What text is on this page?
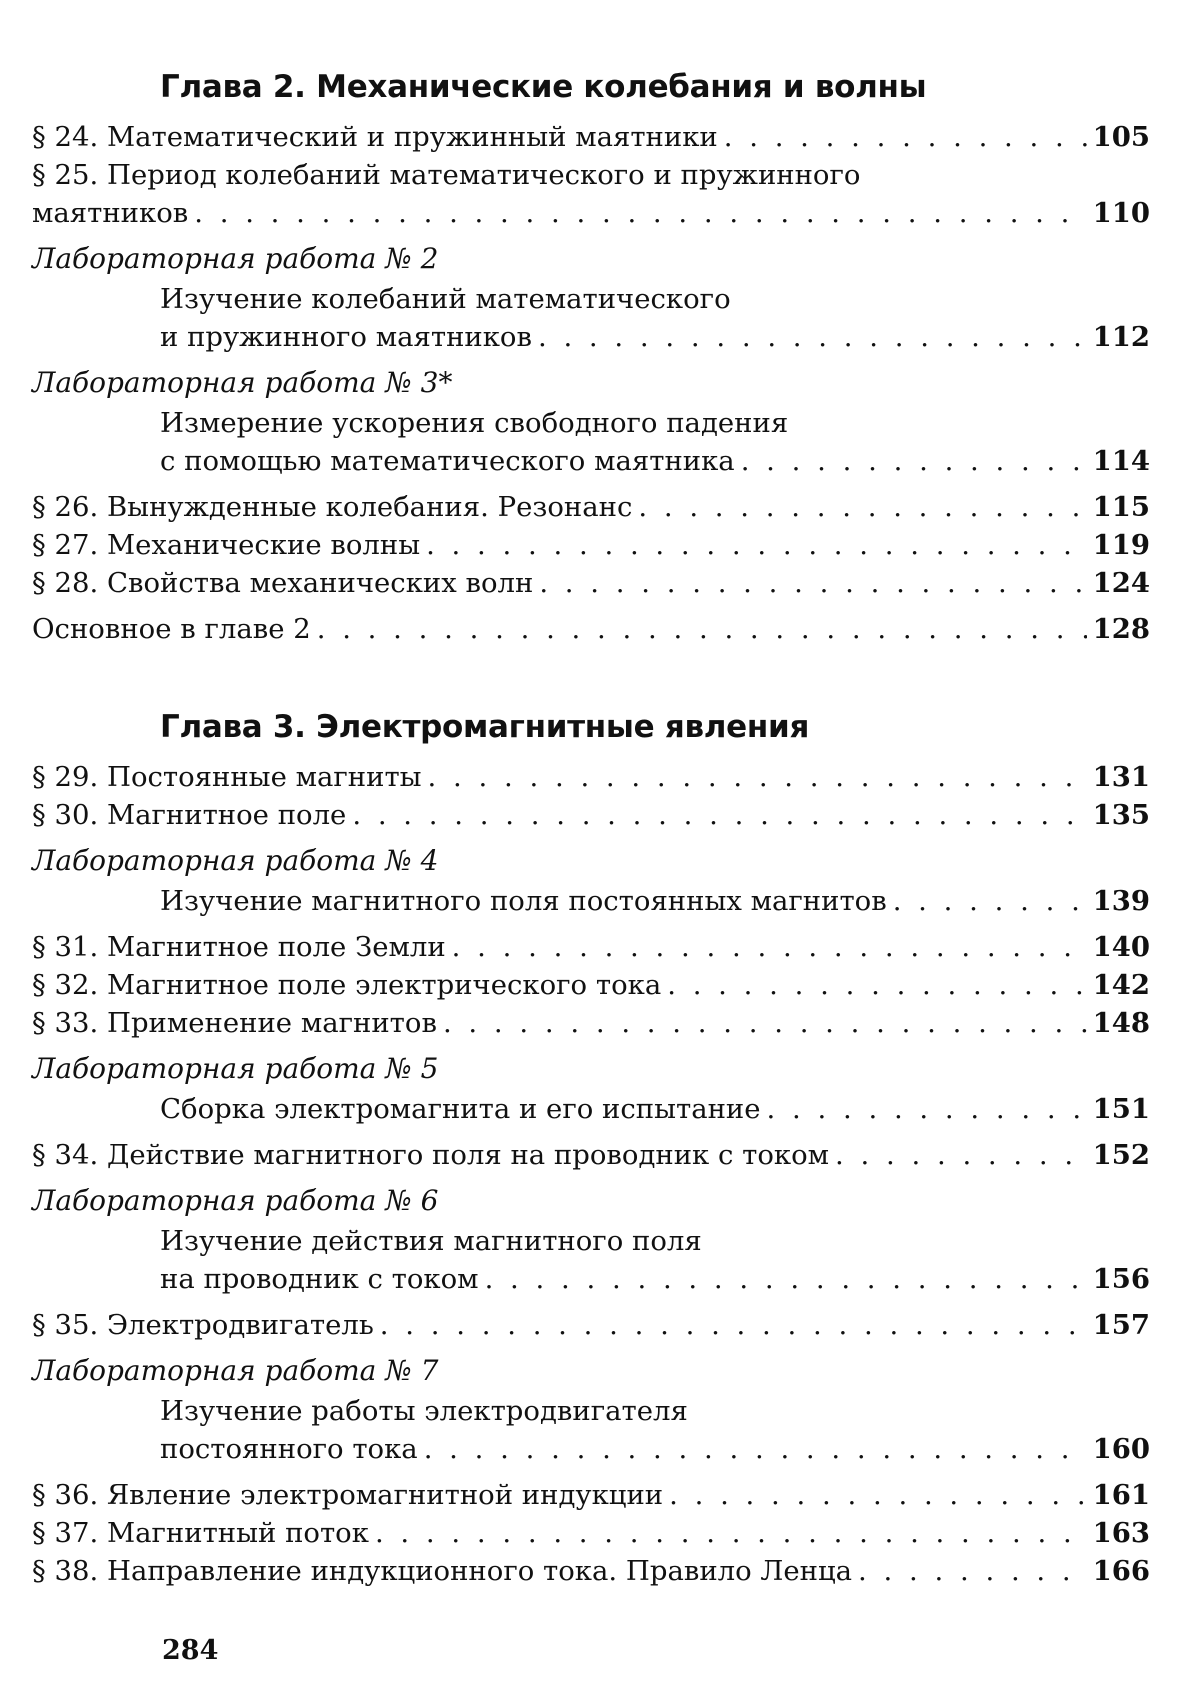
Глава 2. Механические колебания и волны
§ 24. Математический и пружинный маятники . . .	105
§ 25. Период колебаний математического и пружинного
маятников . . .	110
Лабораторная работа № 2
Изучение колебаний математического
и пружинного маятников . . .	112
Лабораторная работа № 3*
Измерение ускорения свободного падения
с помощью математического маятника . . .	114
§ 26. Вынужденные колебания. Резонанс . . .	115
§ 27. Механические волны . . .	119
§ 28. Свойства механических волн . . .	124
Основное в главе 2 . . .	128
Глава 3. Электромагнитные явления
§ 29. Постоянные магниты . . .	131
§ 30. Магнитное поле . . .	135
Лабораторная работа № 4
Изучение магнитного поля постоянных магнитов . . .	139
§ 31. Магнитное поле Земли . . .	140
§ 32. Магнитное поле электрического тока . . .	142
§ 33. Применение магнитов . . .	148
Лабораторная работа № 5
Сборка электромагнита и его испытание . . .	151
§ 34. Действие магнитного поля на проводник с током . . .	152
Лабораторная работа № 6
Изучение действия магнитного поля
на проводник с током . . .	156
§ 35. Электродвигатель . . .	157
Лабораторная работа № 7
Изучение работы электродвигателя
постоянного тока . . .	160
§ 36. Явление электромагнитной индукции . . .	161
§ 37. Магнитный поток . . .	163
§ 38. Направление индукционного тока. Правило Ленца . . .	166
284
